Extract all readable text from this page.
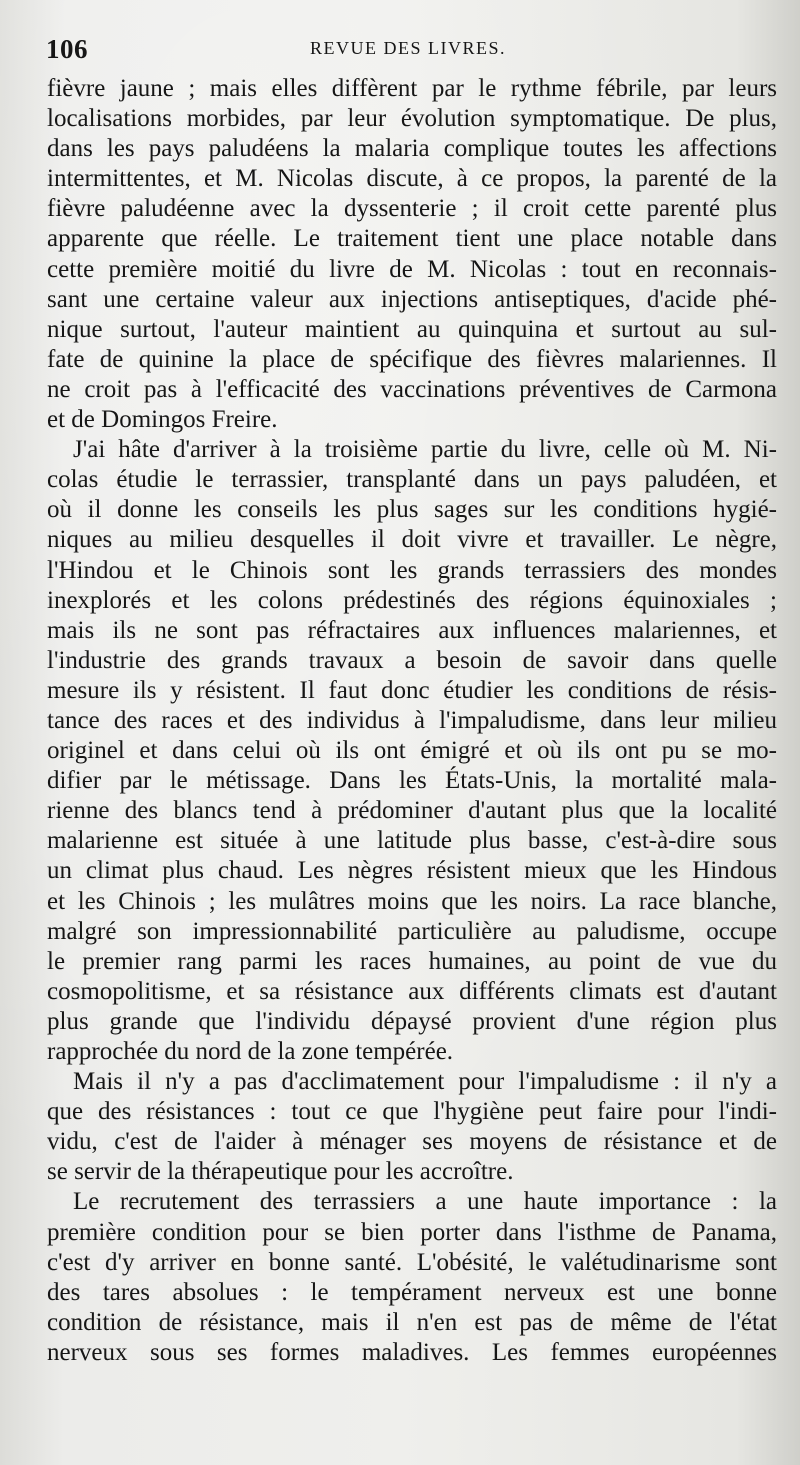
106	REVUE DES LIVRES.
fièvre jaune ; mais elles diffèrent par le rythme fébrile, par leurs
localisations morbides, par leur évolution symptomatique. De plus,
dans les pays paludéens la malaria complique toutes les affections
intermittentes, et M. Nicolas discute, à ce propos, la parenté de la
fièvre paludéenne avec la dyssenterie ; il croit cette parenté plus
apparente que réelle. Le traitement tient une place notable dans
cette première moitié du livre de M. Nicolas : tout en reconnais-
sant une certaine valeur aux injections antiseptiques, d'acide phé-
nique surtout, l'auteur maintient au quinquina et surtout au sul-
fate de quinine la place de spécifique des fièvres malariennes. Il
ne croit pas à l'efficacité des vaccinations préventives de Carmona
et de Domingos Freire.
J'ai hâte d'arriver à la troisième partie du livre, celle où M. Ni-
colas étudie le terrassier, transplanté dans un pays paludéen, et
où il donne les conseils les plus sages sur les conditions hygié-
niques au milieu desquelles il doit vivre et travailler. Le nègre,
l'Hindou et le Chinois sont les grands terrassiers des mondes
inexplorés et les colons prédestinés des régions équinoxiales ;
mais ils ne sont pas réfractaires aux influences malariennes, et
l'industrie des grands travaux a besoin de savoir dans quelle
mesure ils y résistent. Il faut donc étudier les conditions de résis-
tance des races et des individus à l'impaludisme, dans leur milieu
originel et dans celui où ils ont émigré et où ils ont pu se mo-
difier par le métissage. Dans les États-Unis, la mortalité mala-
rienne des blancs tend à prédominer d'autant plus que la localité
malarienne est située à une latitude plus basse, c'est-à-dire sous
un climat plus chaud. Les nègres résistent mieux que les Hindous
et les Chinois ; les mulâtres moins que les noirs. La race blanche,
malgré son impressionnabilité particulière au paludisme, occupe
le premier rang parmi les races humaines, au point de vue du
cosmopolitisme, et sa résistance aux différents climats est d'autant
plus grande que l'individu dépaysé provient d'une région plus
rapprochée du nord de la zone tempérée.
Mais il n'y a pas d'acclimatement pour l'impaludisme : il n'y a
que des résistances : tout ce que l'hygiène peut faire pour l'indi-
vidu, c'est de l'aider à ménager ses moyens de résistance et de
se servir de la thérapeutique pour les accroître.
Le recrutement des terrassiers a une haute importance : la
première condition pour se bien porter dans l'isthme de Panama,
c'est d'y arriver en bonne santé. L'obésité, le valétudinarisme sont
des tares absolues : le tempérament nerveux est une bonne
condition de résistance, mais il n'en est pas de même de l'état
nerveux sous ses formes maladives. Les femmes européennes
